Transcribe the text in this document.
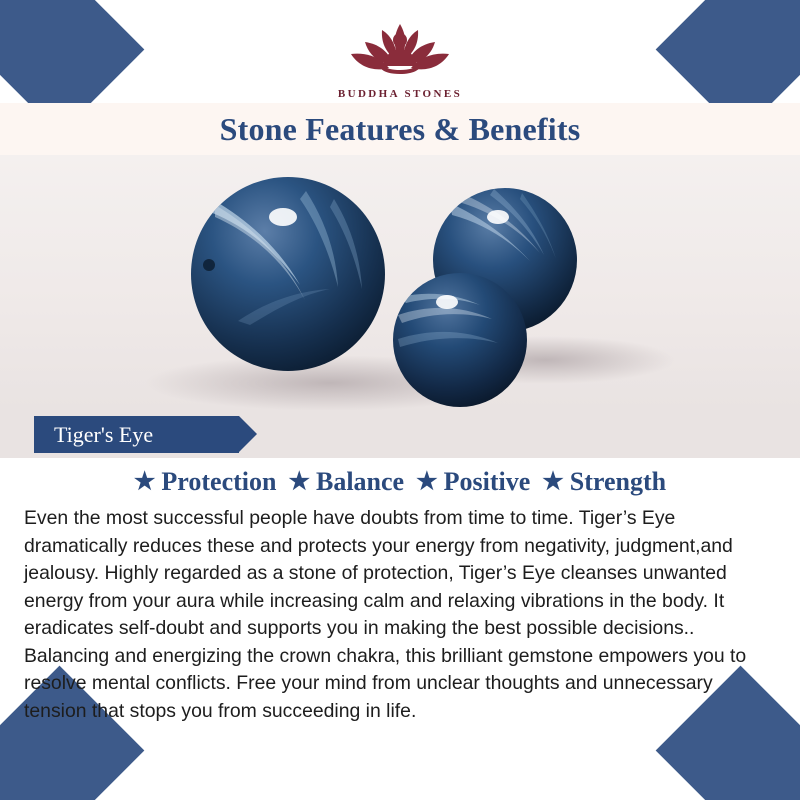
BUDDHA STONES
Stone Features & Benefits
Tiger's Eye
★ Protection ★ Balance ★ Positive ★ Strength
Even the most successful people have doubts from time to time. Tiger’s Eye dramatically reduces these and protects your energy from negativity, judgment,and jealousy. Highly regarded as a stone of protection, Tiger’s Eye cleanses unwanted energy from your aura while increasing calm and relaxing vibrations in the body. It eradicates self-doubt and supports you in making the best possible decisions.. Balancing and energizing the crown chakra, this brilliant gemstone empowers you to resolve mental conflicts. Free your mind from unclear thoughts and unnecessary tension that stops you from succeeding in life.
